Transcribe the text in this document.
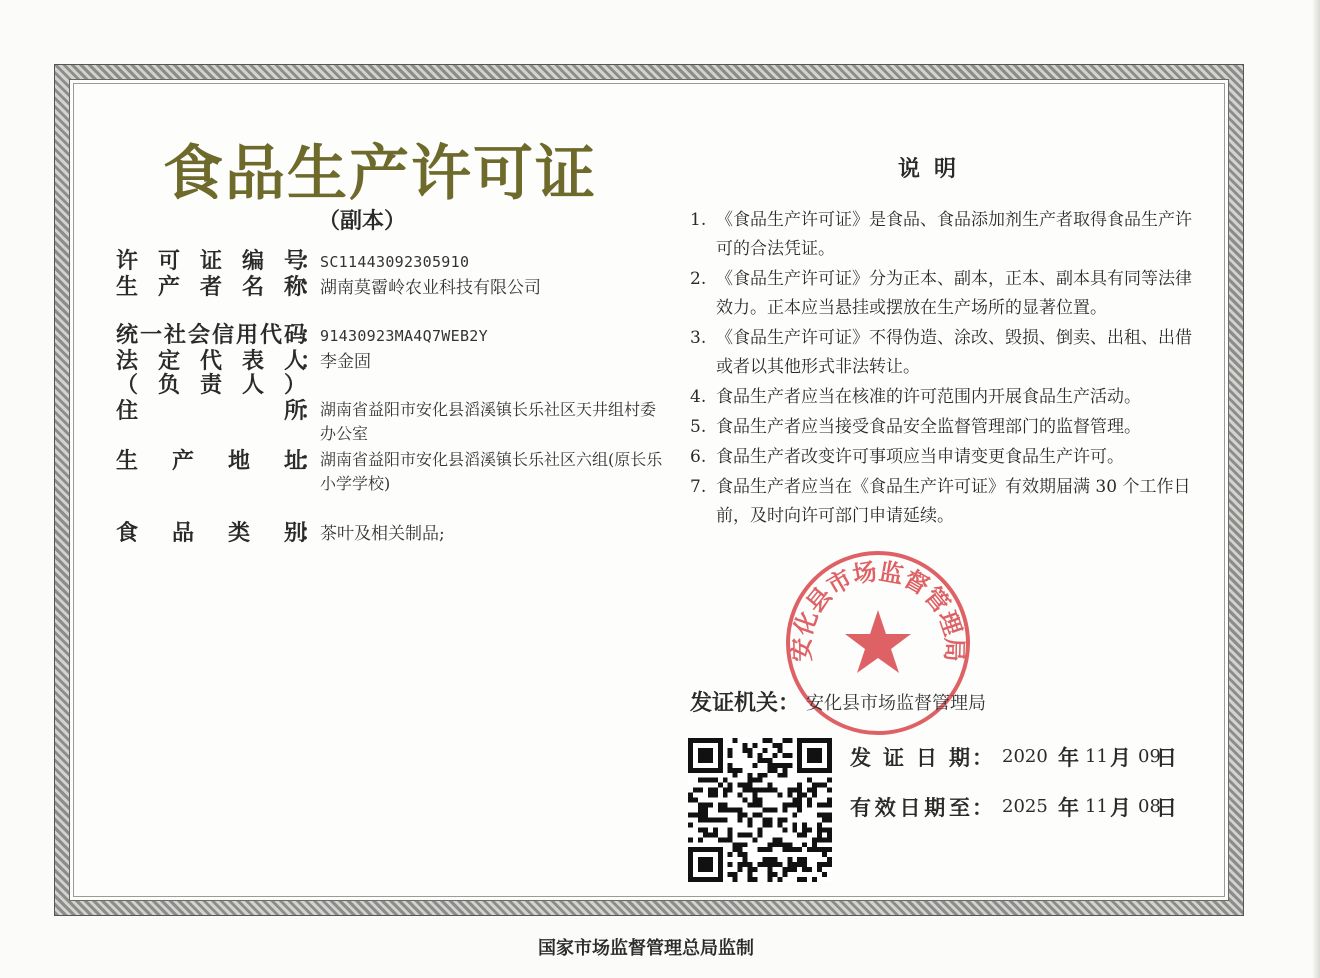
食品生产许可证
（副本）
许可证编号
：
SC11443092305910
生产者名称
：
湖南莫霤岭农业科技有限公司
统一社会信用代码
：
91430923MA4Q7WEB2Y
法定代表人
：
李金固
（负责人）
住所
：
湖南省益阳市安化县滔溪镇长乐社区天井组村委办公室
生产地址
：
湖南省益阳市安化县滔溪镇长乐社区六组(原长乐小学学校)
食品类别
：
茶叶及相关制品;
说明
1. 《食品生产许可证》是食品、食品添加剂生产者取得食品生产许可的合法凭证。
2. 《食品生产许可证》分为正本、副本，正本、副本具有同等法律效力。正本应当悬挂或摆放在生产场所的显著位置。
3. 《食品生产许可证》不得伪造、涂改、毁损、倒卖、出租、出借或者以其他形式非法转让。
4. 食品生产者应当在核准的许可范围内开展食品生产活动。
5. 食品生产者应当接受食品安全监督管理部门的监督管理。
6. 食品生产者改变许可事项应当申请变更食品生产许可。
7. 食品生产者应当在《食品生产许可证》有效期届满 30 个工作日前，及时向许可部门申请延续。
安化县市场监督管理局
发证机关： 安化县市场监督管理局
发证日期 ： 2020 年 11 月 09
日
有效日期至 ： 2025 年 11 月 08
日
国家市场监督管理总局监制
